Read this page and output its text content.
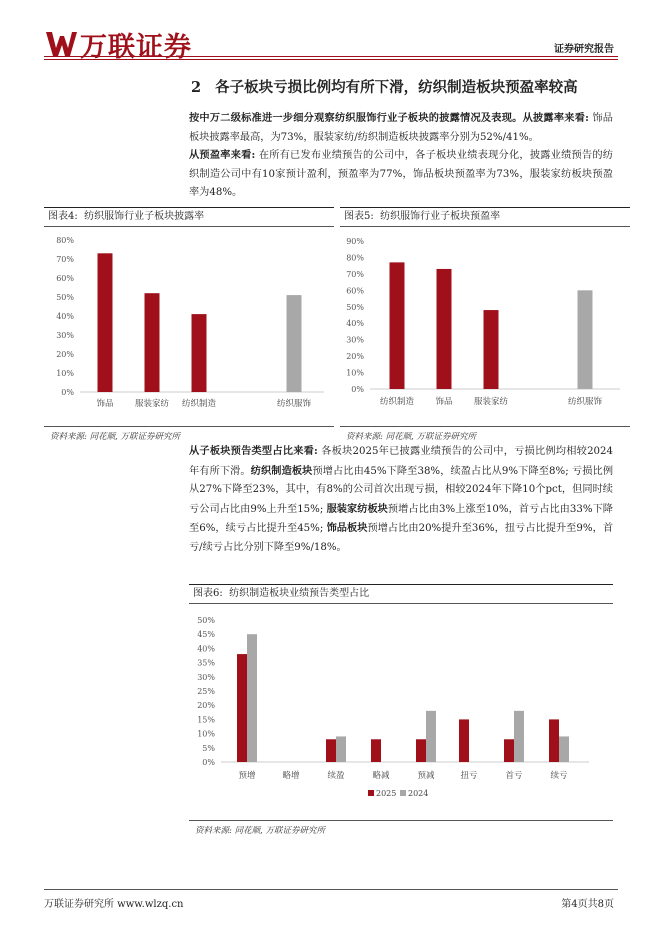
万联证券	证券研究报告
2 各子板块亏损比例均有所下滑，纺织制造板块预盈率较高
按中万二级标准进一步细分观察纺织服饰行业子板块的披露情况及表现。从披露率来看: 饰品板块披露率最高，为73%，服装家纺/纺织制造板块披露率分别为52%/41%。
从预盈率来看: 在所有已发布业绩预告的公司中，各子板块业绩表现分化，披露业绩预告的纺织制造公司中有10家预计盈利，预盈率为77%，饰品板块预盈率为73%，服装家纺板块预盈率为48%。
图表4: 纺织服饰行业子板块披露率
0%
10%
20%
30%
40%
50%
60%
70%
80%
饰品	服装家纺 纺织制造	纺织服饰
资料来源: 同花顺, 万联证券研究所
图表5: 纺织服饰行业子板块预盈率
0%
10%
20%
30%
40%
50%
60%
70%
80%
90%
纺织制造	饰品	服装家纺	纺织服饰
资料来源: 同花顺, 万联证券研究所
从子板块预告类型占比来看: 各板块2025年已披露业绩预告的公司中，亏损比例均相较2024年有所下滑。纺织制造板块预增占比由45%下降至38%，续盈占比从9%下降至8%; 亏损比例从27%下降至23%，其中，有8%的公司首次出现亏损，相较2024年下降10个pct，但同时续亏公司占比由9%上升至15%; 服装家纺板块预增占比由3%上涨至10%，首亏占比由33%下降至6%，续亏占比提升至45%; 饰品板块预增占比由20%提升至36%，扭亏占比提升至9%，首亏/续亏占比分别下降至9%/18%。
图表6: 纺织制造板块业绩预告类型占比
0%
5%
10%
15%
20%
25%
30%
35%
40%
45%
50%
预增	略增	续盈	略减	预减	扭亏	首亏	续亏
2025 2024
资料来源: 同花顺, 万联证券研究所
万联证券研究所 www.wlzq.cn	第4页共8页
